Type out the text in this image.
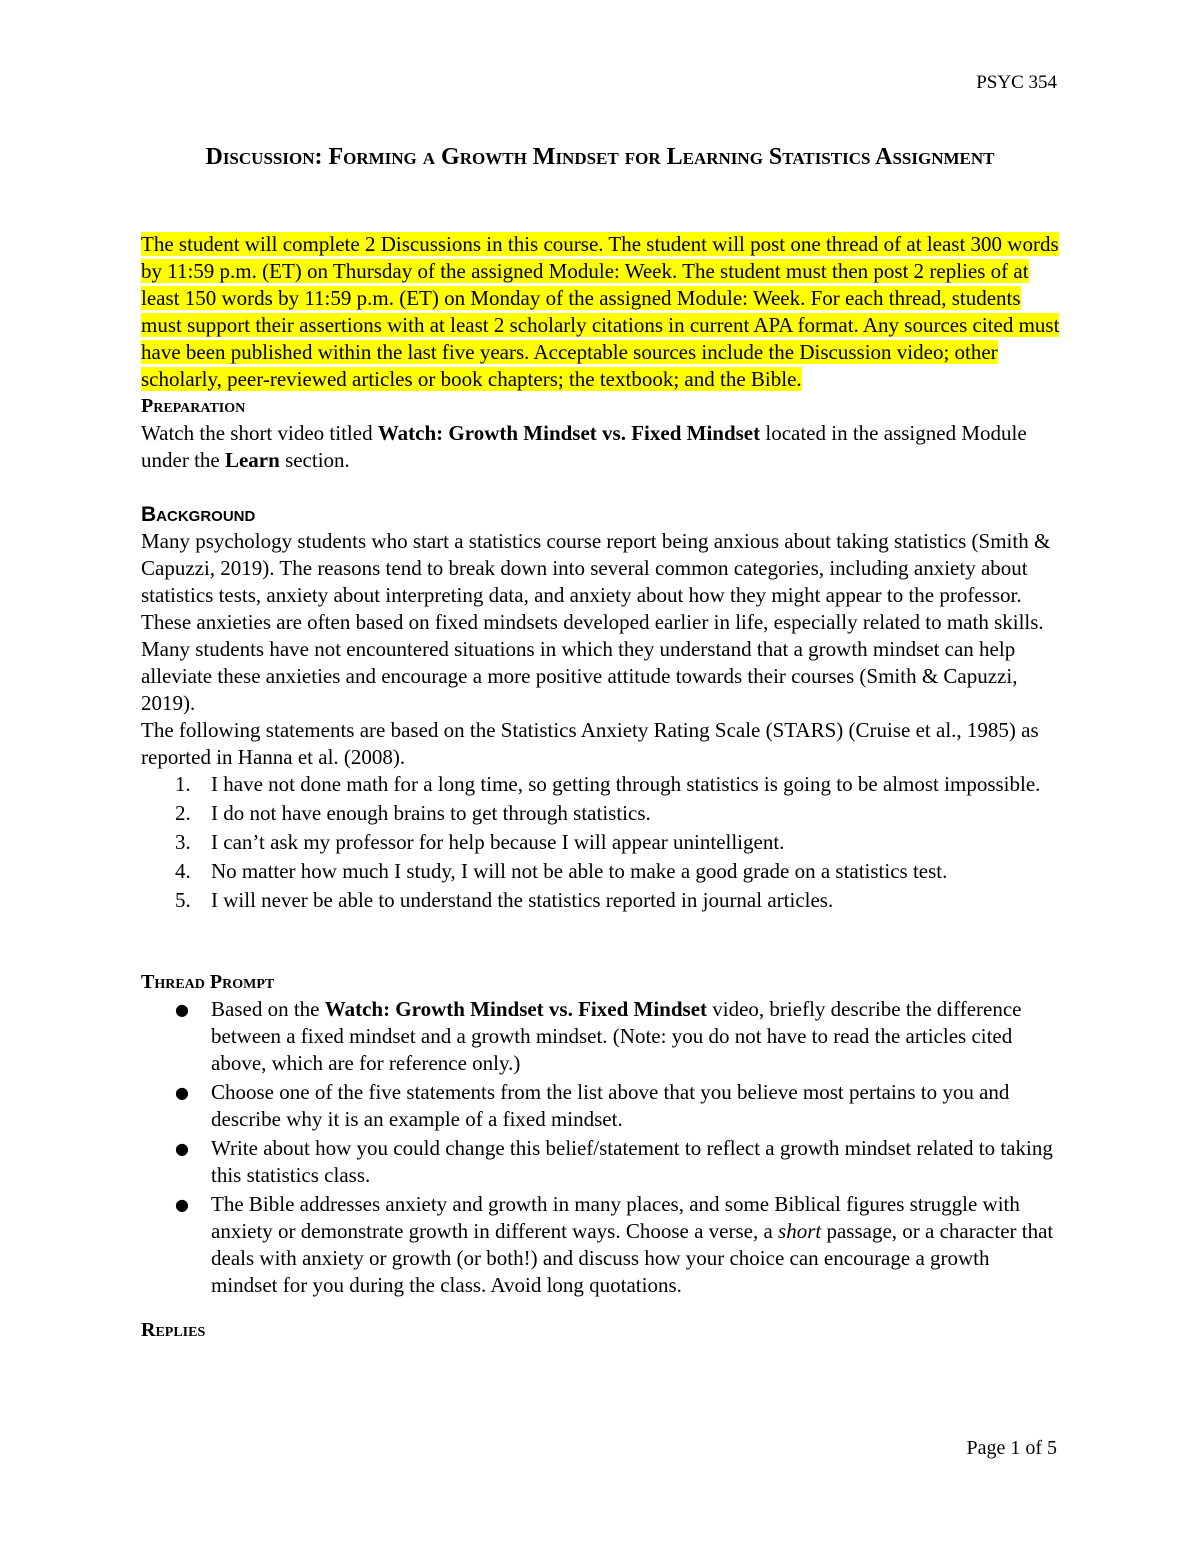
PSYC 354

Discussion: Forming a Growth Mindset for Learning Statistics Assignment

The student will complete 2 Discussions in this course. The student will post one thread of at least 300 words by 11:59 p.m. (ET) on Thursday of the assigned Module: Week. The student must then post 2 replies of at least 150 words by 11:59 p.m. (ET) on Monday of the assigned Module: Week. For each thread, students must support their assertions with at least 2 scholarly citations in current APA format. Any sources cited must have been published within the last five years. Acceptable sources include the Discussion video; other scholarly, peer-reviewed articles or book chapters; the textbook; and the Bible.

Preparation

Watch the short video titled Watch: Growth Mindset vs. Fixed Mindset located in the assigned Module under the Learn section.

Background

Many psychology students who start a statistics course report being anxious about taking statistics (Smith & Capuzzi, 2019). The reasons tend to break down into several common categories, including anxiety about statistics tests, anxiety about interpreting data, and anxiety about how they might appear to the professor. These anxieties are often based on fixed mindsets developed earlier in life, especially related to math skills. Many students have not encountered situations in which they understand that a growth mindset can help alleviate these anxieties and encourage a more positive attitude towards their courses (Smith & Capuzzi, 2019).

The following statements are based on the Statistics Anxiety Rating Scale (STARS) (Cruise et al., 1985) as reported in Hanna et al. (2008).

1. I have not done math for a long time, so getting through statistics is going to be almost impossible.
2. I do not have enough brains to get through statistics.
3. I can’t ask my professor for help because I will appear unintelligent.
4. No matter how much I study, I will not be able to make a good grade on a statistics test.
5. I will never be able to understand the statistics reported in journal articles.
Thread Prompt
● Based on the Watch: Growth Mindset vs. Fixed Mindset video, briefly describe the difference between a fixed mindset and a growth mindset. (Note: you do not have to read the articles cited above, which are for reference only.)
● Choose one of the five statements from the list above that you believe most pertains to you and describe why it is an example of a fixed mindset.
● Write about how you could change this belief/statement to reflect a growth mindset related to taking this statistics class.
● The Bible addresses anxiety and growth in many places, and some Biblical figures struggle with anxiety or demonstrate growth in different ways. Choose a verse, a short passage, or a character that deals with anxiety or growth (or both!) and discuss how your choice can encourage a growth mindset for you during the class. Avoid long quotations.
Replies

Page 1 of 5
